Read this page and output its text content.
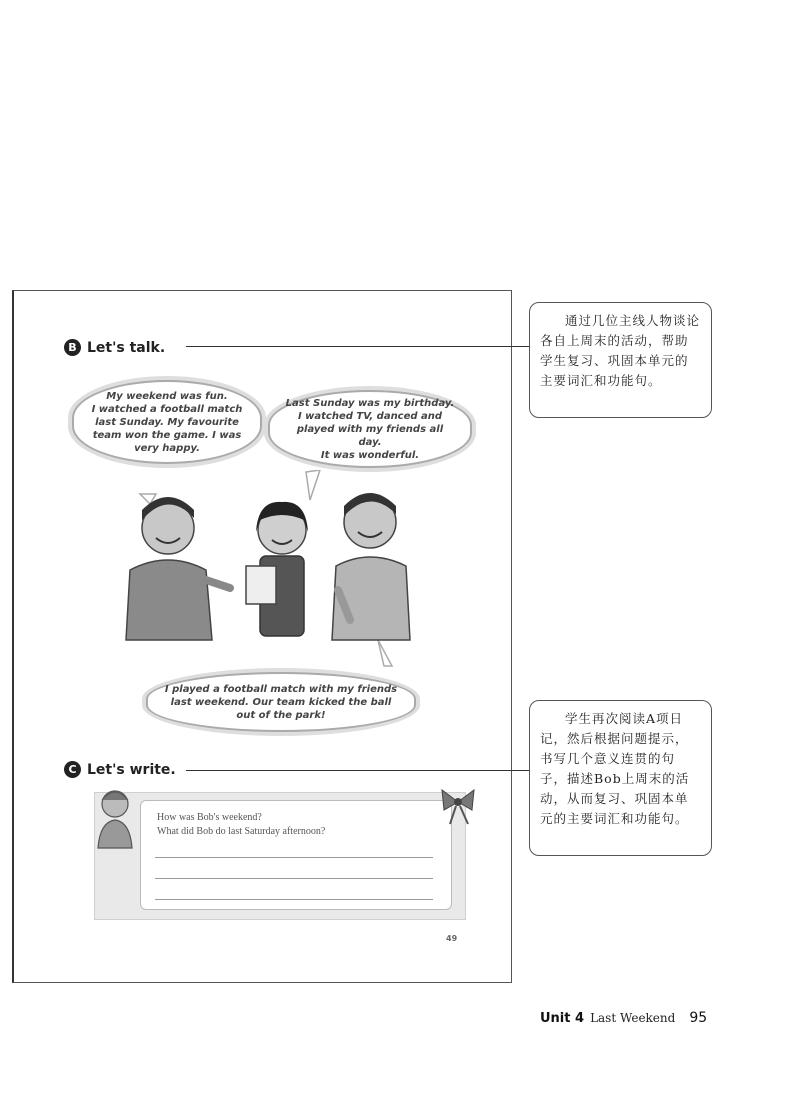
B Let's talk.
My weekend was fun.
I watched a football match
last Sunday. My favourite
team won the game. I was
very happy.
Last Sunday was my birthday.
I watched TV, danced and
played with my friends all day.
It was wonderful.
I played a football match with my friends
last weekend. Our team kicked the ball
out of the park!
C Let's write.
How was Bob's weekend?
What did Bob do last Saturday afternoon?
49
通过几位主线人物谈论各自上周末的活动，帮助学生复习、巩固本单元的主要词汇和功能句。
学生再次阅读A项日记，然后根据问题提示，书写几个意义连贯的句子，描述Bob上周末的活动，从而复习、巩固本单元的主要词汇和功能句。
Unit 4 Last Weekend 95
